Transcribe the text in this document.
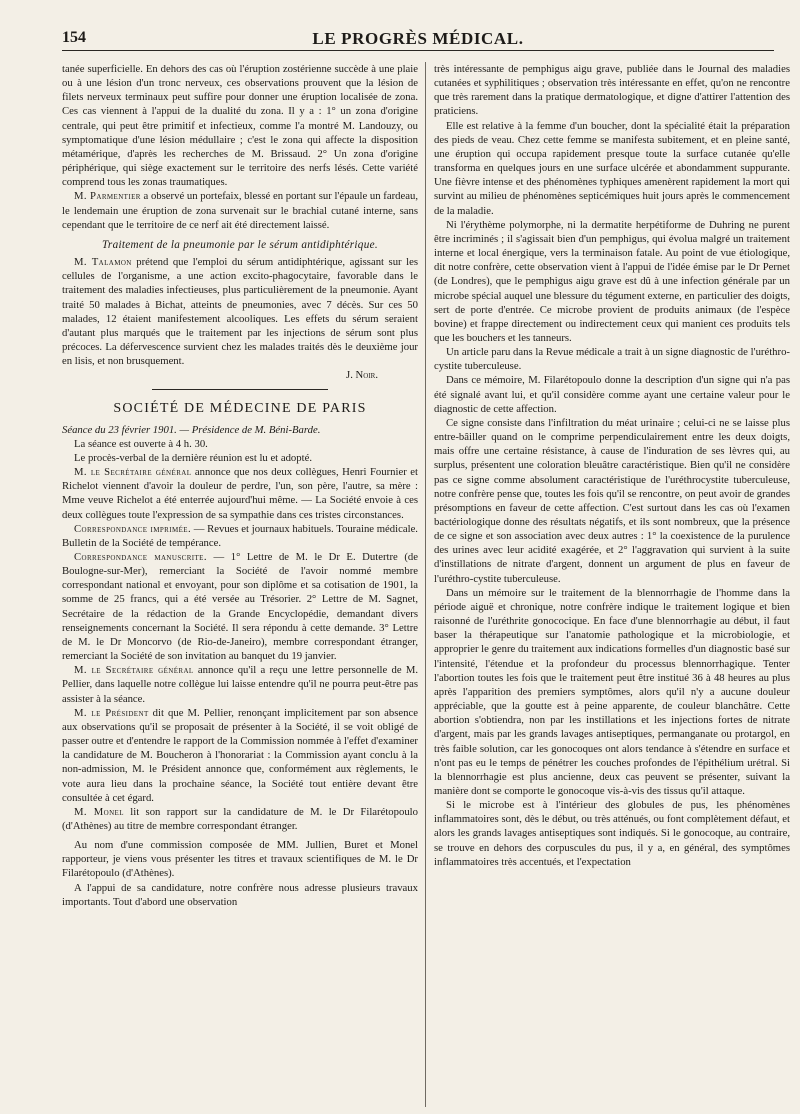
154	LE PROGRÈS MÉDICAL.

tanée superficielle. En dehors des cas où l'éruption zostérienne succède à une plaie ou à une lésion d'un tronc nerveux, ces observations prouvent que la lésion de filets nerveux terminaux peut suffire pour donner une éruption localisée de zona. Ces cas viennent à l'appui de la dualité du zona. Il y a : 1° un zona d'origine centrale, qui peut être primitif et infectieux, comme l'a montré M. Landouzy, ou symptomatique d'une lésion médullaire ; c'est le zona qui affecte la disposition métamérique, d'après les recherches de M. Brissaud. 2° Un zona d'origine périphérique, qui siège exactement sur le territoire des nerfs lésés. Cette variété comprend tous les zonas traumatiques.

M. Parmentier a observé un portefaix, blessé en portant sur l'épaule un fardeau, le lendemain une éruption de zona survenait sur le brachial cutané interne, sans cependant que le territoire de ce nerf ait été directement laissé.

Traitement de la pneumonie par le sérum antidiphtérique.

M. Talamon prétend que l'emploi du sérum antidiphtérique, agissant sur les cellules de l'organisme, a une action excito-phagocytaire, favorable dans le traitement des maladies infectieuses, plus particulièrement de la pneumonie. Ayant traité 50 malades à Bichat, atteints de pneumonies, avec 7 décès. Sur ces 50 malades, 12 étaient manifestement alcooliques. Les effets du sérum seraient d'autant plus marqués que le traitement par les injections de sérum sont plus précoces. La défervescence survient chez les malades traités dès le deuxième jour en lisis, et non brusquement.

J. Noir.
SOCIÉTÉ DE MÉDECINE DE PARIS

Séance du 23 février 1901. — Présidence de M. Béni-Barde.

La séance est ouverte à 4 h. 30.

Le procès-verbal de la dernière réunion est lu et adopté.

M. le Secrétaire général annonce que nos deux collègues, Henri Fournier et Richelot viennent d'avoir la douleur de perdre, l'un, son père, l'autre, sa mère : Mme veuve Richelot a été enterrée aujourd'hui même. — La Société envoie à ces deux collègues toute l'expression de sa sympathie dans ces tristes circonstances.

Correspondance imprimée. — Revues et journaux habituels. Touraine médicale. Bulletin de la Société de tempérance.

Correspondance manuscrite. — 1° Lettre de M. le Dr E. Dutertre (de Boulogne-sur-Mer), remerciant la Société de l'avoir nommé membre correspondant national et envoyant, pour son diplôme et sa cotisation de 1901, la somme de 25 francs, qui a été versée au Trésorier. 2° Lettre de M. Sagnet, Secrétaire de la rédaction de la Grande Encyclopédie, demandant divers renseignements concernant la Société. Il sera répondu à cette demande. 3° Lettre de M. le Dr Moncorvo (de Rio-de-Janeiro), membre correspondant étranger, remerciant la Société de son invitation au banquet du 19 janvier.

M. le Secrétaire général annonce qu'il a reçu une lettre personnelle de M. Pellier, dans laquelle notre collègue lui laisse entendre qu'il ne pourra peut-être pas assister à la séance.

M. le Président dit que M. Pellier, renonçant implicitement par son absence aux observations qu'il se proposait de présenter à la Société, il se voit obligé de passer outre et d'entendre le rapport de la Commission nommée à l'effet d'examiner la candidature de M. Boucheron à l'honorariat : la Commission ayant conclu à la non-admission, M. le Président annonce que, conformément aux règlements, le vote aura lieu dans la prochaine séance, la Société tout entière devant être consultée à cet égard.

M. Monel lit son rapport sur la candidature de M. le Dr Filarétopoulo (d'Athènes) au titre de membre correspondant étranger.

Au nom d'une commission composée de MM. Jullien, Buret et Monel rapporteur, je viens vous présenter les titres et travaux scientifiques de M. le Dr Filarétopoulo (d'Athènes).

A l'appui de sa candidature, notre confrère nous adresse plusieurs travaux importants. Tout d'abord une observation

très intéressante de pemphigus aigu grave, publiée dans le Journal des maladies cutanées et syphilitiques ; observation très intéressante en effet, qu'on ne rencontre que très rarement dans la pratique dermatologique, et digne d'attirer l'attention des praticiens.

Elle est relative à la femme d'un boucher, dont la spécialité était la préparation des pieds de veau. Chez cette femme se manifesta subitement, et en pleine santé, une éruption qui occupa rapidement presque toute la surface cutanée qu'elle transforma en quelques jours en une surface ulcérée et abondamment suppurante. Une fièvre intense et des phénomènes typhiques amenèrent rapidement la mort qui survint au milieu de phénomènes septicémiques huit jours après le commencement de la maladie.

Ni l'érythème polymorphe, ni la dermatite herpétiforme de Duhring ne purent être incriminés ; il s'agissait bien d'un pemphigus, qui évolua malgré un traitement interne et local énergique, vers la terminaison fatale. Au point de vue étiologique, dit notre confrère, cette observation vient à l'appui de l'idée émise par le Dr Pernet (de Londres), que le pemphigus aigu grave est dû à une infection générale par un microbe spécial auquel une blessure du tégument externe, en particulier des doigts, sert de porte d'entrée. Ce microbe provient de produits animaux (de l'espèce bovine) et frappe directement ou indirectement ceux qui manient ces produits tels que les bouchers et les tanneurs.

Un article paru dans la Revue médicale a trait à un signe diagnostic de l'uréthro-cystite tuberculeuse.

Dans ce mémoire, M. Filarétopoulo donne la description d'un signe qui n'a pas été signalé avant lui, et qu'il considère comme ayant une certaine valeur pour le diagnostic de cette affection.

Ce signe consiste dans l'infiltration du méat urinaire ; celui-ci ne se laisse plus entre-bâiller quand on le comprime perpendiculairement entre les deux doigts, mais offre une certaine résistance, à cause de l'induration de ses lèvres qui, au surplus, présentent une coloration bleuâtre caractéristique. Bien qu'il ne considère pas ce signe comme absolument caractéristique de l'uréthrocystite tuberculeuse, notre confrère pense que, toutes les fois qu'il se rencontre, on peut avoir de grandes présomptions en faveur de cette affection. C'est surtout dans les cas où l'examen bactériologique donne des résultats négatifs, et ils sont nombreux, que la présence de ce signe et son association avec deux autres : 1° la coexistence de la purulence des urines avec leur acidité exagérée, et 2° l'aggravation qui survient à la suite d'instillations de nitrate d'argent, donnent un argument de plus en faveur de l'uréthro-cystite tuberculeuse.

Dans un mémoire sur le traitement de la blennorrhagie de l'homme dans la période aiguë et chronique, notre confrère indique le traitement logique et bien raisonné de l'uréthrite gonococique. En face d'une blennorrhagie au début, il faut baser la thérapeutique sur l'anatomie pathologique et la microbiologie, et approprier le genre du traitement aux indications formelles d'un diagnostic basé sur l'intensité, l'étendue et la profondeur du processus blennorrhagique. Tenter l'abortion toutes les fois que le traitement peut être institué 36 à 48 heures au plus après l'apparition des premiers symptômes, alors qu'il n'y a aucune douleur appréciable, que la goutte est à peine apparente, de couleur blanchâtre. Cette abortion s'obtiendra, non par les instillations et les injections fortes de nitrate d'argent, mais par les grands lavages antiseptiques, permanganate ou protargol, en très faible solution, car les gonocoques ont alors tendance à s'étendre en surface et n'ont pas eu le temps de pénétrer les couches profondes de l'épithélium urétral. Si la blennorrhagie est plus ancienne, deux cas peuvent se présenter, suivant la manière dont se comporte le gonocoque vis-à-vis des tissus qu'il attaque.

Si le microbe est à l'intérieur des globules de pus, les phénomènes inflammatoires sont, dès le début, ou très atténués, ou font complètement défaut, et alors les grands lavages antiseptiques sont indiqués. Si le gonocoque, au contraire, se trouve en dehors des corpuscules du pus, il y a, en général, des symptômes inflammatoires très accentués, et l'expectation
